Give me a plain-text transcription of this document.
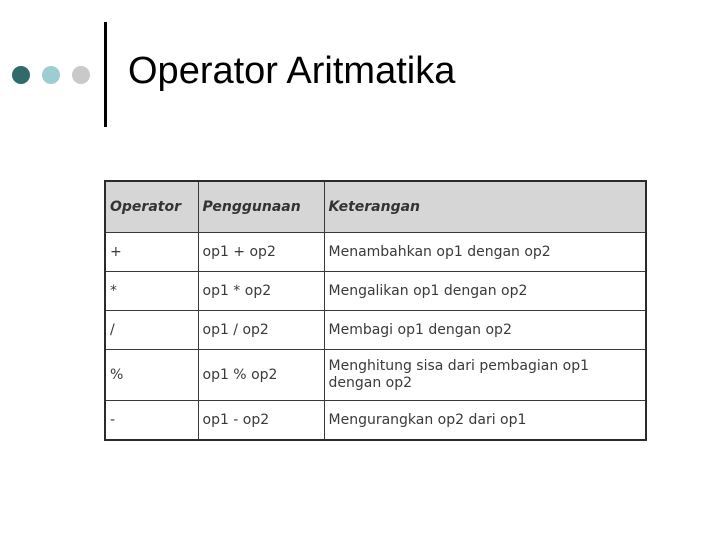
Operator Aritmatika
Operator	Penggunaan	Keterangan
+	op1 + op2	Menambahkan op1 dengan op2
*	op1 * op2	Mengalikan op1 dengan op2
/	op1 / op2	Membagi op1 dengan op2
%	op1 % op2	Menghitung sisa dari pembagian op1 dengan op2
-	op1 - op2	Mengurangkan op2 dari op1
